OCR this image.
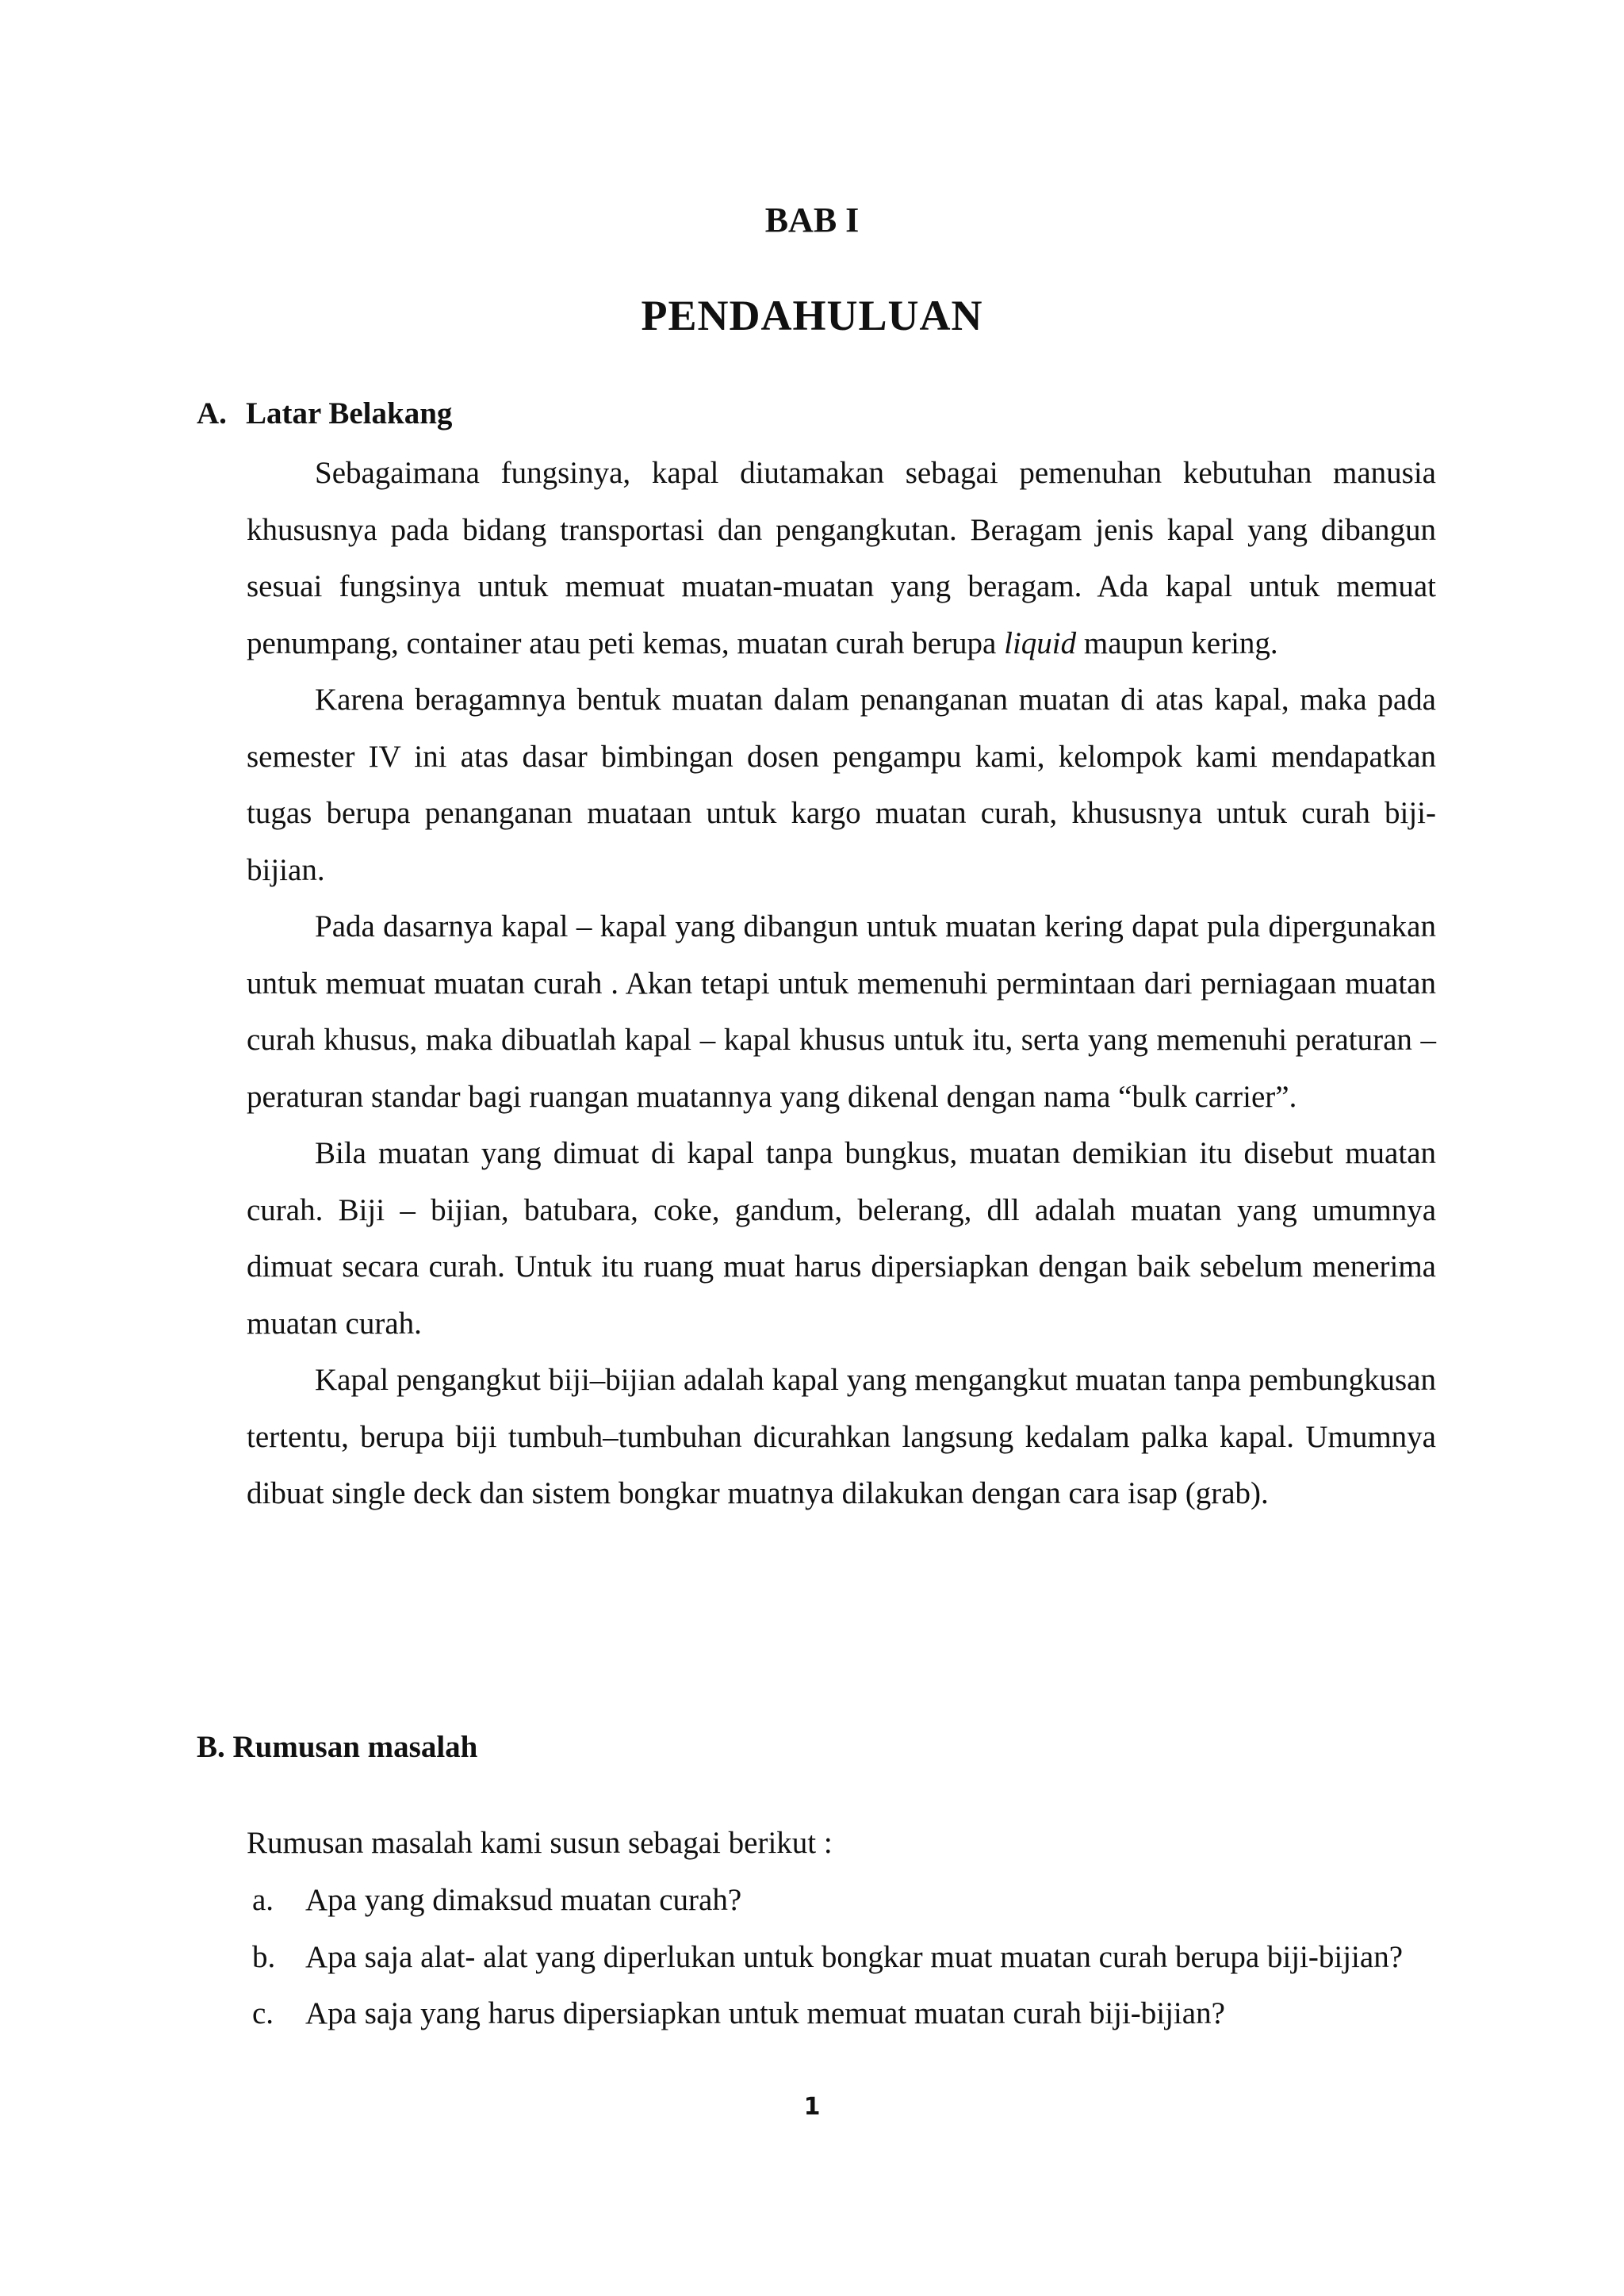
BAB I
PENDAHULUAN
A. Latar Belakang

Sebagaimana fungsinya, kapal diutamakan sebagai pemenuhan kebutuhan manusia khususnya pada bidang transportasi dan pengangkutan. Beragam jenis kapal yang dibangun sesuai fungsinya untuk memuat muatan-muatan yang beragam. Ada kapal untuk memuat penumpang, container atau peti kemas, muatan curah berupa liquid maupun kering.

Karena beragamnya bentuk muatan dalam penanganan muatan di atas kapal, maka pada semester IV ini atas dasar bimbingan dosen pengampu kami, kelompok kami mendapatkan tugas berupa penanganan muataan untuk kargo muatan curah, khususnya untuk curah biji-bijian.

Pada dasarnya kapal – kapal yang dibangun untuk muatan kering dapat pula dipergunakan untuk memuat muatan curah . Akan tetapi untuk memenuhi permintaan dari perniagaan muatan curah khusus, maka dibuatlah kapal – kapal khusus untuk itu, serta yang memenuhi peraturan – peraturan standar bagi ruangan muatannya yang dikenal dengan nama “bulk carrier”.

Bila muatan yang dimuat di kapal tanpa bungkus, muatan demikian itu disebut muatan curah. Biji – bijian, batubara, coke, gandum, belerang, dll adalah muatan yang umumnya dimuat secara curah. Untuk itu ruang muat harus dipersiapkan dengan baik sebelum menerima muatan curah.

Kapal pengangkut biji–bijian adalah kapal yang mengangkut muatan tanpa pembungkusan tertentu, berupa biji tumbuh–tumbuhan dicurahkan langsung kedalam palka kapal. Umumnya dibuat single deck dan sistem bongkar muatnya dilakukan dengan cara isap (grab).

B. Rumusan masalah

Rumusan masalah kami susun sebagai berikut :

a. Apa yang dimaksud muatan curah?
b. Apa saja alat- alat yang diperlukan untuk bongkar muat muatan curah berupa biji-bijian?
c. Apa saja yang harus dipersiapkan untuk memuat muatan curah biji-bijian?
1
